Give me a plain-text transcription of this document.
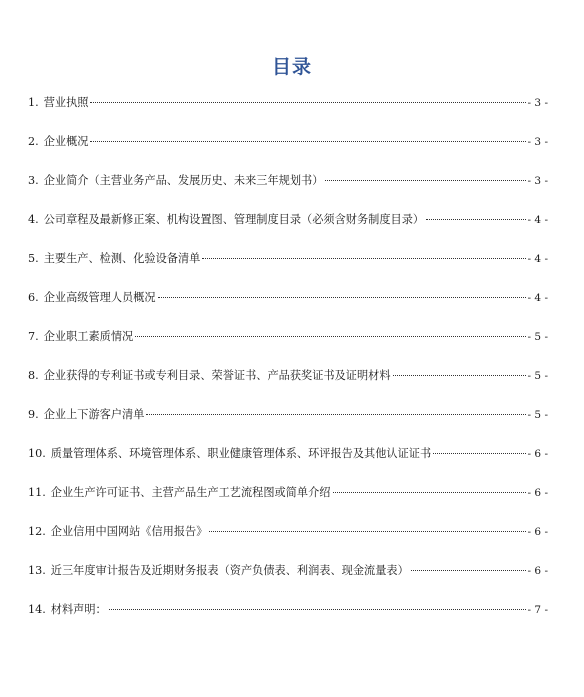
目录
1. 营业执照	- 3 -
2. 企业概况	- 3 -
3. 企业简介（主营业务产品、发展历史、未来三年规划书）	- 3 -
4. 公司章程及最新修正案、机构设置图、管理制度目录（必须含财务制度目录）	- 4 -
5. 主要生产、检测、化验设备清单	- 4 -
6. 企业高级管理人员概况	- 4 -
7. 企业职工素质情况	- 5 -
8. 企业获得的专利证书或专利目录、荣誉证书、产品获奖证书及证明材料	- 5 -
9. 企业上下游客户清单	- 5 -
10. 质量管理体系、环境管理体系、职业健康管理体系、环评报告及其他认证证书	- 6 -
11. 企业生产许可证书、主营产品生产工艺流程图或简单介绍	- 6 -
12. 企业信用中国网站《信用报告》	- 6 -
13. 近三年度审计报告及近期财务报表（资产负债表、利润表、现金流量表）	- 6 -
14. 材料声明：	- 7 -
